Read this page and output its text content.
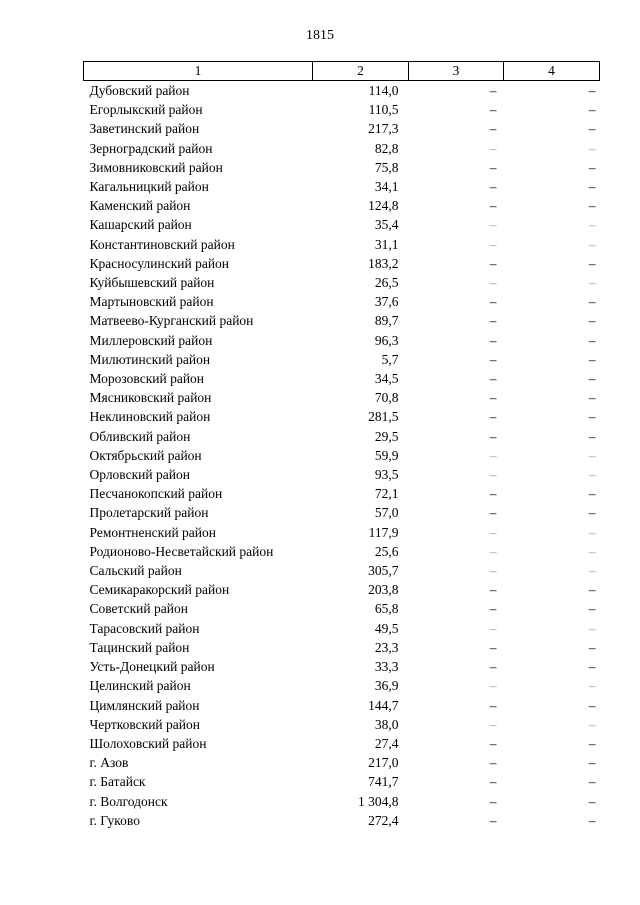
1815
1	2	3	4
Дубовский район	114,0	–	–
Егорлыкский район	110,5	–	–
Заветинский район	217,3	–	–
Зерноградский район	82,8	–	–
Зимовниковский район	75,8	–	–
Кагальницкий район	34,1	–	–
Каменский район	124,8	–	–
Кашарский район	35,4	–	–
Константиновский район	31,1	–	–
Красносулинский район	183,2	–	–
Куйбышевский район	26,5	–	–
Мартыновский район	37,6	–	–
Матвеево-Курганский район	89,7	–	–
Миллеровский район	96,3	–	–
Милютинский район	5,7	–	–
Морозовский район	34,5	–	–
Мясниковский район	70,8	–	–
Неклиновский район	281,5	–	–
Обливский район	29,5	–	–
Октябрьский район	59,9	–	–
Орловский район	93,5	–	–
Песчанокопский район	72,1	–	–
Пролетарский район	57,0	–	–
Ремонтненский район	117,9	–	–
Родионово-Несветайский район	25,6	–	–
Сальский район	305,7	–	–
Семикаракорский район	203,8	–	–
Советский район	65,8	–	–
Тарасовский район	49,5	–	–
Тацинский район	23,3	–	–
Усть-Донецкий район	33,3	–	–
Целинский район	36,9	–	–
Цимлянский район	144,7	–	–
Чертковский район	38,0	–	–
Шолоховский район	27,4	–	–
г. Азов	217,0	–	–
г. Батайск	741,7	–	–
г. Волгодонск	1 304,8	–	–
г. Гуково	272,4	–	–
